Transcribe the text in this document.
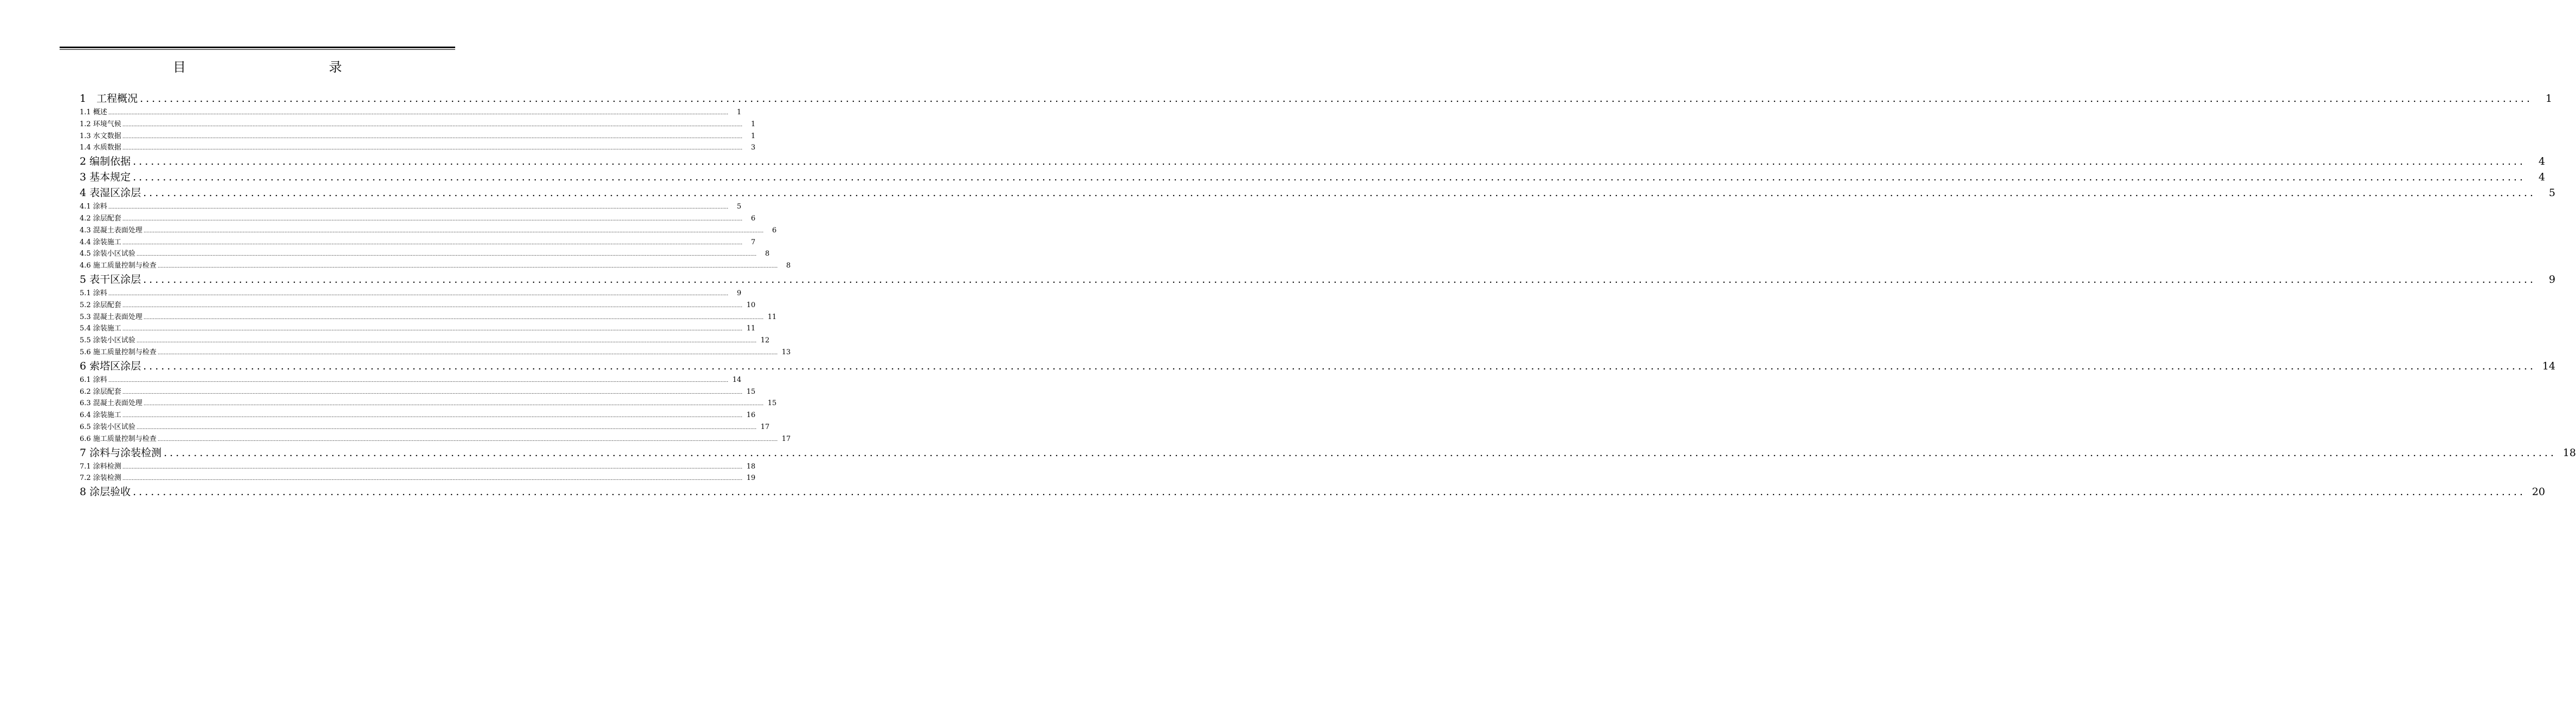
目　　录
1　工程概况 ................................................................................................................................................................................................................................................................................................................................................................................................................	1
1.1 概述 ................................................................................................................................................................................................................................................................................................................................................................................................................	1
1.2 环境气候 ................................................................................................................................................................................................................................................................................................................................................................................................................	1
1.3 水文数据 ................................................................................................................................................................................................................................................................................................................................................................................................................	1
1.4 水质数据 ................................................................................................................................................................................................................................................................................................................................................................................................................	3
2 编制依据 ................................................................................................................................................................................................................................................................................................................................................................................................................	4
3 基本规定 ................................................................................................................................................................................................................................................................................................................................................................................................................	4
4 表湿区涂层 ................................................................................................................................................................................................................................................................................................................................................................................................................	5
4.1 涂料 ................................................................................................................................................................................................................................................................................................................................................................................................................	5
4.2 涂层配套 ................................................................................................................................................................................................................................................................................................................................................................................................................	6
4.3 混凝土表面处理 ................................................................................................................................................................................................................................................................................................................................................................................................................	6
4.4 涂装施工 ................................................................................................................................................................................................................................................................................................................................................................................................................	7
4.5 涂装小区试验 ................................................................................................................................................................................................................................................................................................................................................................................................................	8
4.6 施工质量控制与检查 ................................................................................................................................................................................................................................................................................................................................................................................................................	8
5 表干区涂层 ................................................................................................................................................................................................................................................................................................................................................................................................................	9
5.1 涂料 ................................................................................................................................................................................................................................................................................................................................................................................................................	9
5.2 涂层配套 ................................................................................................................................................................................................................................................................................................................................................................................................................ 10
5.3 混凝土表面处理 ................................................................................................................................................................................................................................................................................................................................................................................................................ 11
5.4 涂装施工 ................................................................................................................................................................................................................................................................................................................................................................................................................ 11
5.5 涂装小区试验 ................................................................................................................................................................................................................................................................................................................................................................................................................ 12
5.6 施工质量控制与检查 ................................................................................................................................................................................................................................................................................................................................................................................................................ 13
6 索塔区涂层 ................................................................................................................................................................................................................................................................................................................................................................................................................ 14
6.1 涂料 ................................................................................................................................................................................................................................................................................................................................................................................................................ 14
6.2 涂层配套 ................................................................................................................................................................................................................................................................................................................................................................................................................ 15
6.3 混凝土表面处理 ................................................................................................................................................................................................................................................................................................................................................................................................................ 15
6.4 涂装施工 ................................................................................................................................................................................................................................................................................................................................................................................................................ 16
6.5 涂装小区试验 ................................................................................................................................................................................................................................................................................................................................................................................................................ 17
6.6 施工质量控制与检查 ................................................................................................................................................................................................................................................................................................................................................................................................................ 17
7 涂料与涂装检测 ................................................................................................................................................................................................................................................................................................................................................................................................................ 18
7.1 涂料检测 ................................................................................................................................................................................................................................................................................................................................................................................................................ 18
7.2 涂装检测 ................................................................................................................................................................................................................................................................................................................................................................................................................ 19
8 涂层验收 ................................................................................................................................................................................................................................................................................................................................................................................................................ 20
